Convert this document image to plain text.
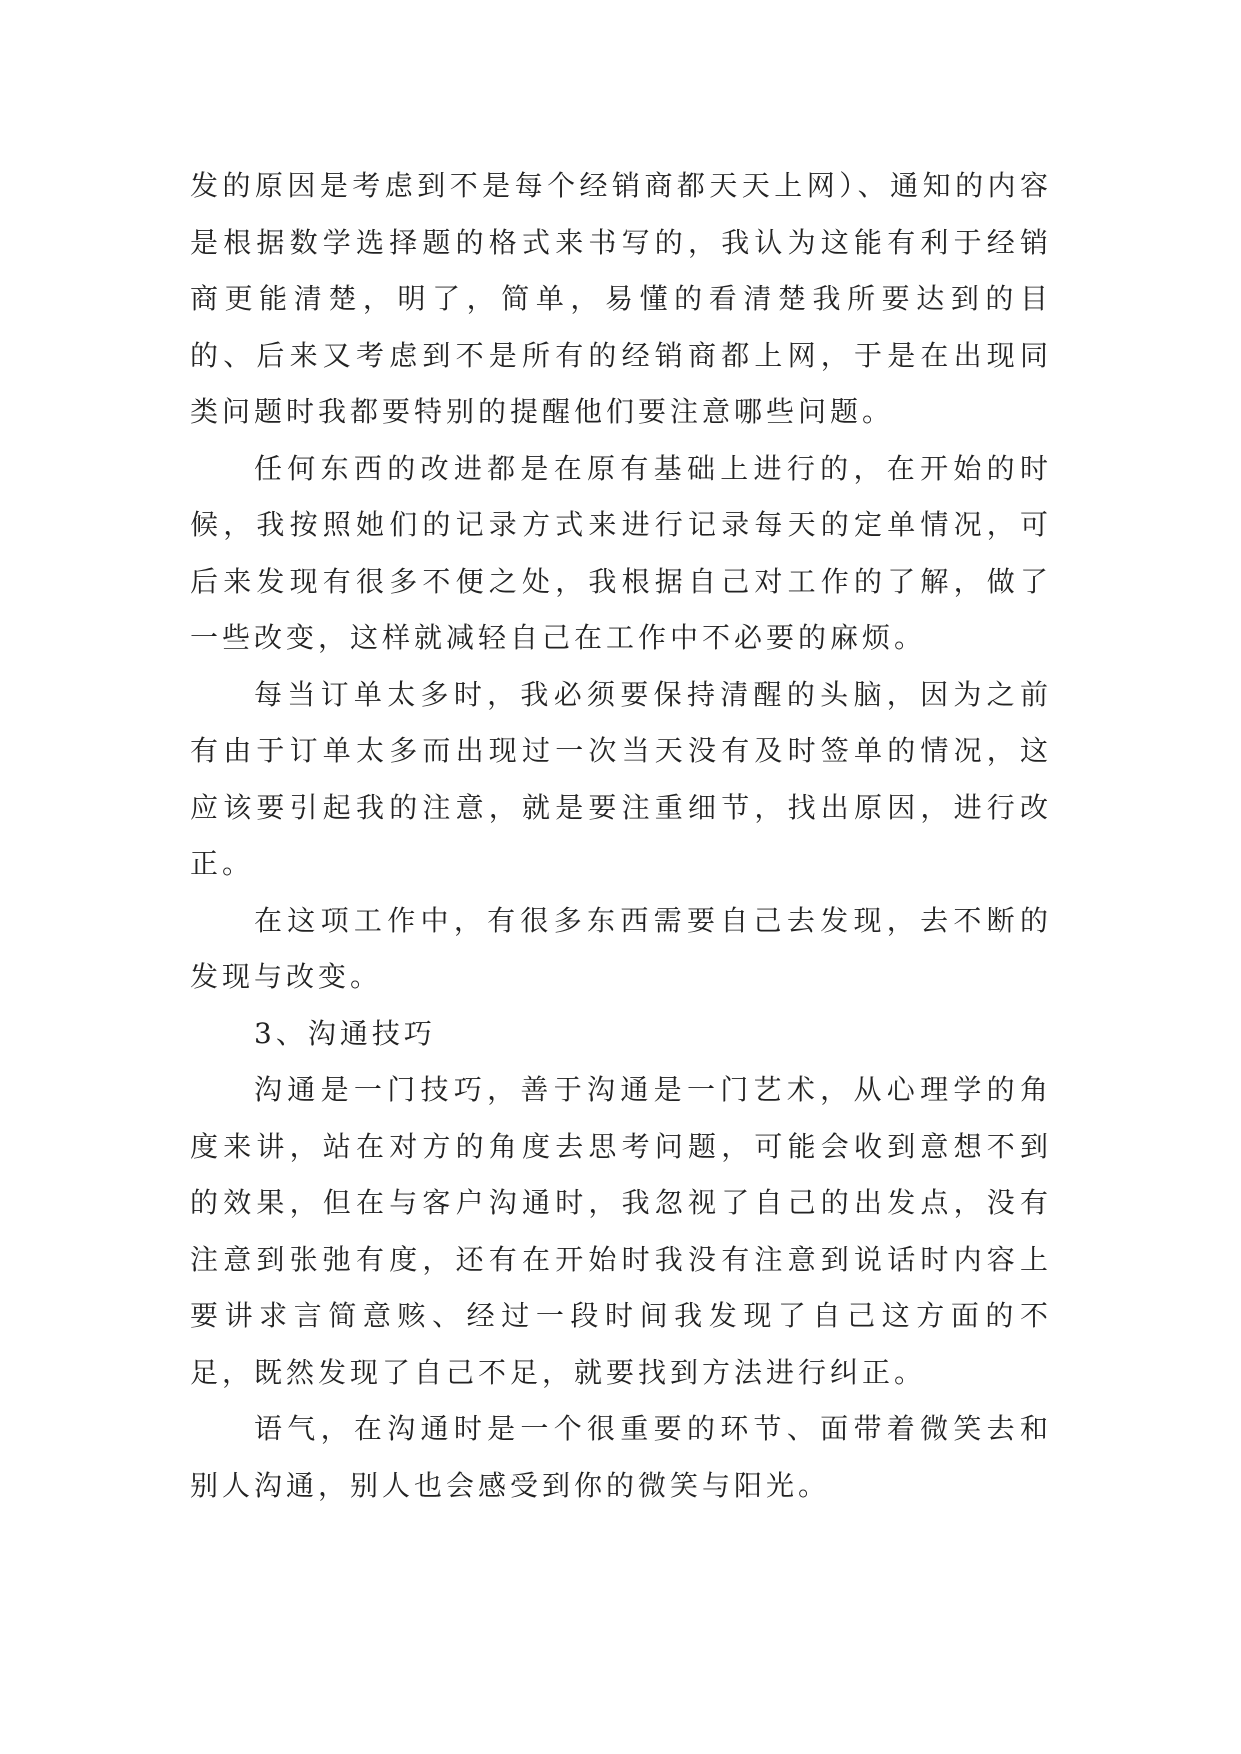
发的原因是考虑到不是每个经销商都天天上网）、通知的内容是根据数学选择题的格式来书写的，我认为这能有利于经销商更能清楚，明了，简单，易懂的看清楚我所要达到的目的、后来又考虑到不是所有的经销商都上网，于是在出现同类问题时我都要特别的提醒他们要注意哪些问题。

任何东西的改进都是在原有基础上进行的，在开始的时候，我按照她们的记录方式来进行记录每天的定单情况，可后来发现有很多不便之处，我根据自己对工作的了解，做了一些改变，这样就减轻自己在工作中不必要的麻烦。

每当订单太多时，我必须要保持清醒的头脑，因为之前有由于订单太多而出现过一次当天没有及时签单的情况，这应该要引起我的注意，就是要注重细节，找出原因，进行改正。

在这项工作中，有很多东西需要自己去发现，去不断的发现与改变。

3、沟通技巧

沟通是一门技巧，善于沟通是一门艺术，从心理学的角度来讲，站在对方的角度去思考问题，可能会收到意想不到的效果，但在与客户沟通时，我忽视了自己的出发点，没有注意到张弛有度，还有在开始时我没有注意到说话时内容上要讲求言简意赅、经过一段时间我发现了自己这方面的不足，既然发现了自己不足，就要找到方法进行纠正。

语气，在沟通时是一个很重要的环节、面带着微笑去和别人沟通，别人也会感受到你的微笑与阳光。
